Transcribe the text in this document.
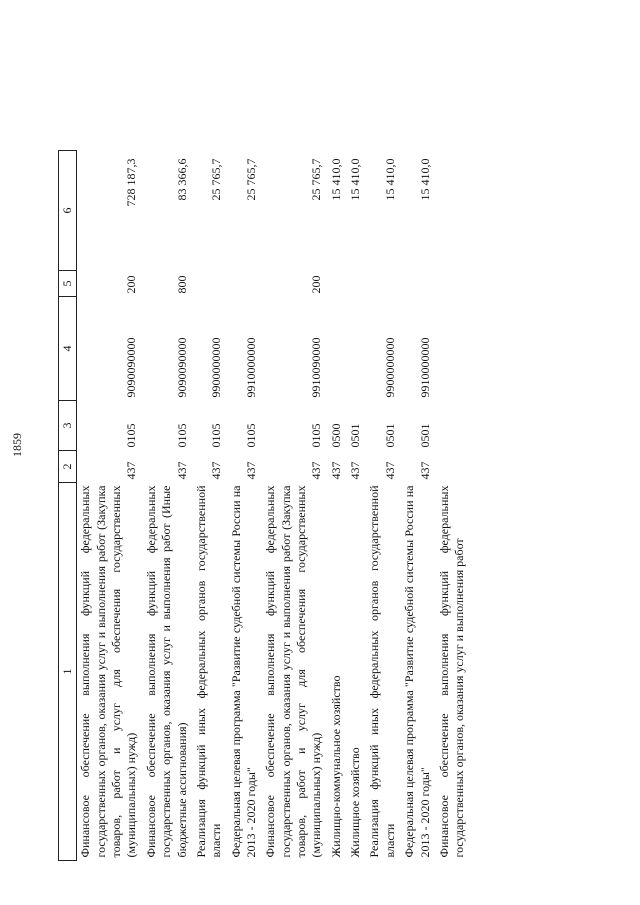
1859
1	2	3	4	5	6
Финансовое обеспечение выполнения функций федеральных государственных органов, оказания услуг и выполнения работ (Закупка товаров, работ и услуг для обеспечения государственных (муниципальных) нужд)	437	0105	9090090000	200	728 187,3
Финансовое обеспечение выполнения функций федеральных государственных органов, оказания услуг и выполнения работ (Иные бюджетные ассигнования)	437	0105	9090090000	800	83 366,6
Реализация функций иных федеральных органов государственной власти	437	0105	9900000000		25 765,7
Федеральная целевая программа "Развитие судебной системы России на 2013 - 2020 годы"	437	0105	9910000000		25 765,7
Финансовое обеспечение выполнения функций федеральных государственных органов, оказания услуг и выполнения работ (Закупка товаров, работ и услуг для обеспечения государственных (муниципальных) нужд)	437	0105	9910090000	200	25 765,7
Жилищно-коммунальное хозяйство	437	0500			15 410,0
Жилищное хозяйство	437	0501			15 410,0
Реализация функций иных федеральных органов государственной власти	437	0501	9900000000		15 410,0
Федеральная целевая программа "Развитие судебной системы России на 2013 - 2020 годы"	437	0501	9910000000		15 410,0
Финансовое обеспечение выполнения функций федеральных государственных органов, оказания услуг и выполнения работ					
